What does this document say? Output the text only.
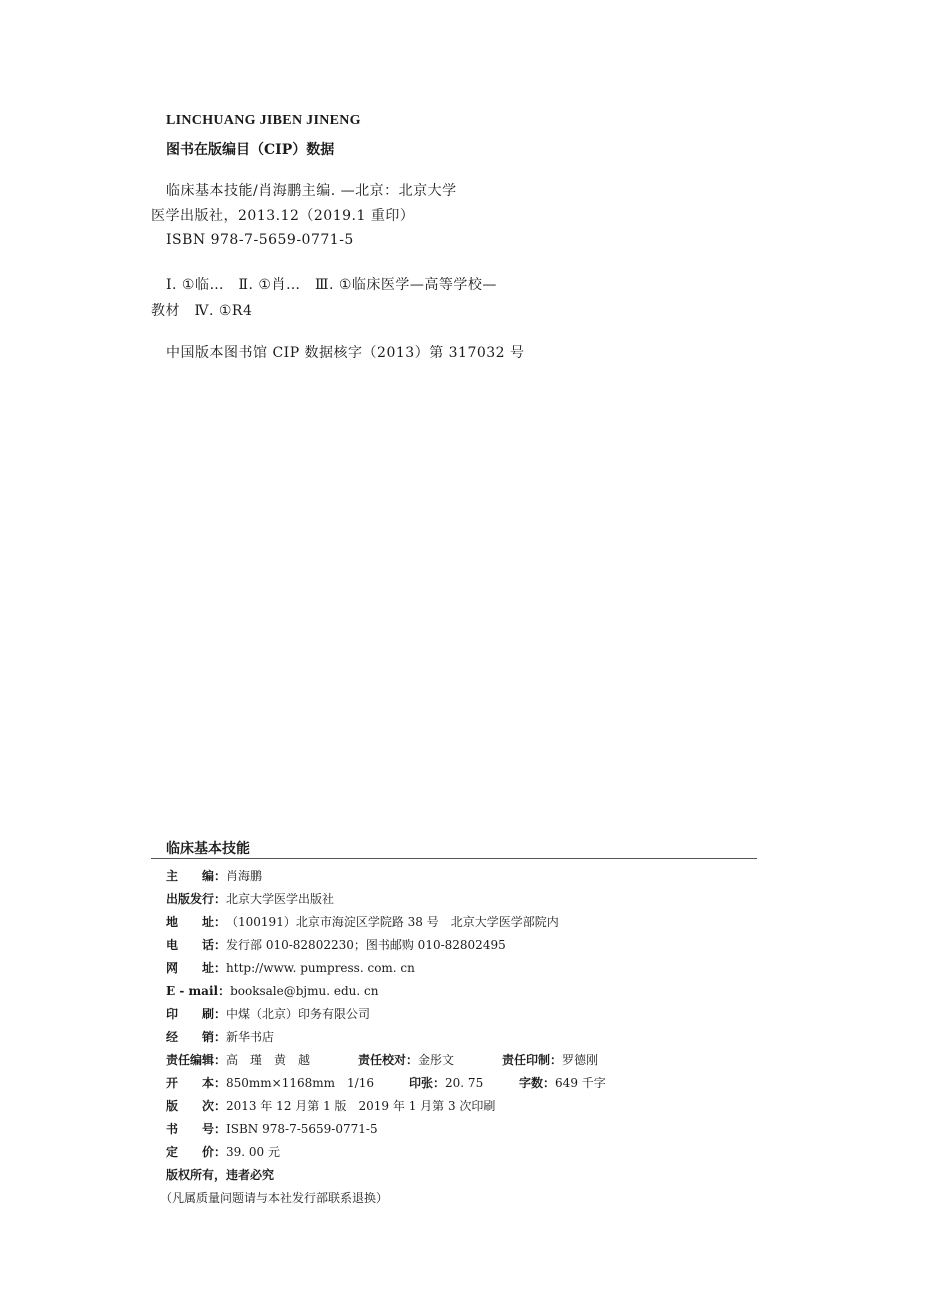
LINCHUANG JIBEN JINENG
图书在版编目（CIP）数据
临床基本技能/肖海鹏主编. —北京：北京大学
医学出版社，2013.12（2019.1 重印）
ISBN 978-7-5659-0771-5
Ⅰ. ①临…　Ⅱ. ①肖…　Ⅲ. ①临床医学—高等学校—
教材　Ⅳ. ①R4
中国版本图书馆 CIP 数据核字（2013）第 317032 号
临床基本技能
主　　编：肖海鹏
出版发行：北京大学医学出版社
地　　址：（100191）北京市海淀区学院路 38 号　北京大学医学部院内
电　　话：发行部 010-82802230；图书邮购 010-82802495
网　　址：http://www. pumpress. com. cn
E - mail：booksale@bjmu. edu. cn
印　　刷：中煤（北京）印务有限公司
经　　销：新华书店
责任编辑：高　瑾　黄　越	责任校对：金彤文	责任印制：罗德刚
开　　本：850mm×1168mm　1/16	印张：20. 75	字数：649 千字
版　　次：2013 年 12 月第 1 版　2019 年 1 月第 3 次印刷
书　　号：ISBN 978-7-5659-0771-5
定　　价：39. 00 元
版权所有，违者必究
（凡属质量问题请与本社发行部联系退换）
